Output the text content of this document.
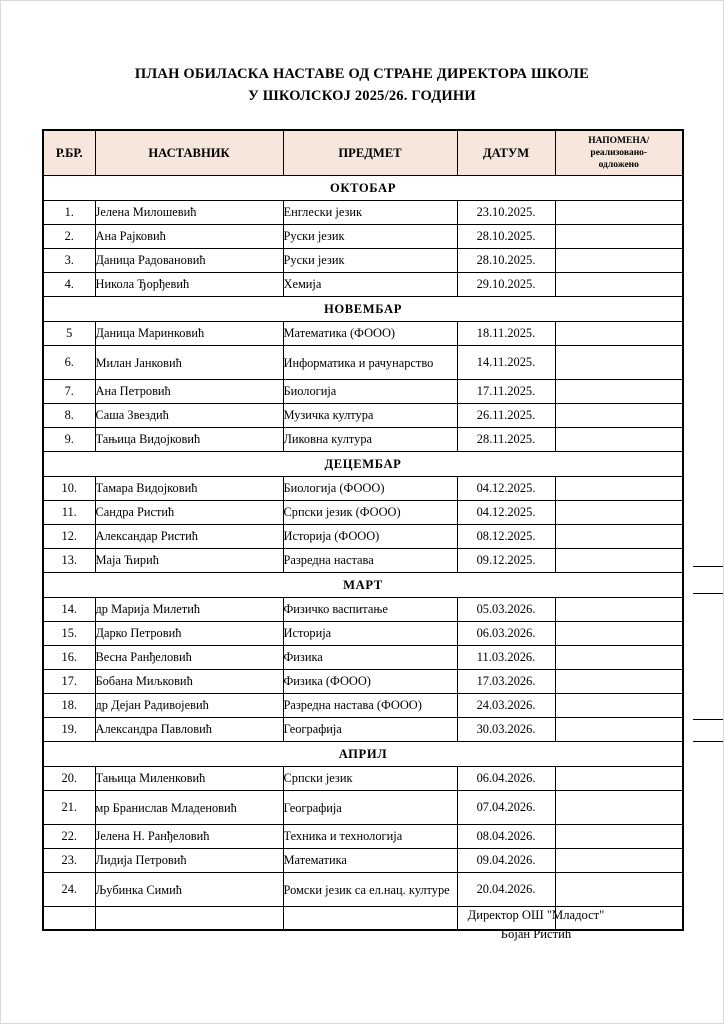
ПЛАН ОБИЛАСКА НАСТАВЕ ОД СТРАНЕ ДИРЕКТОРА ШКОЛЕ
У ШКОЛСКОЈ 2025/26. ГОДИНИ
Р.БР.	НАСТАВНИК	ПРЕДМЕТ	ДАТУМ	НАПОМЕНА/
реализовано-
одложено

ОКТОБАР				
1.	Јелена Милошевић	Енглески језик	23.10.2025.	
2.	Ана Рајковић	Руски језик	28.10.2025.	
3.	Даница Радовановић	Руски језик	28.10.2025.	
4.	Никола Ђорђевић	Хемија	29.10.2025.	
НОВЕМБАР				
5	Даница Маринковић	Математика (ФООО)	18.11.2025.	
6.	Милан Јанковић	Информатика и рачунарство	14.11.2025.	
7.	Ана Петровић	Биологија	17.11.2025.	
8.	Саша Звездић	Музичка култура	26.11.2025.	
9.	Тањица Видојковић	Ликовна култура	28.11.2025.	
ДЕЦЕМБАР				
10.	Тамара Видојковић	Биологија (ФООО)	04.12.2025.	
11.	Сандра Ристић	Српски језик (ФООО)	04.12.2025.	
12.	Александар Ристић	Историја (ФООО)	08.12.2025.	
13.	Маја Ћирић	Разредна настава	09.12.2025.	
МАРТ				
14.	др Марија Милетић	Физичко васпитање	05.03.2026.	
15.	Дарко Петровић	Историја	06.03.2026.	
16.	Весна Ранђеловић	Физика	11.03.2026.	
17.	Бобана Миљковић	Физика (ФООО)	17.03.2026.	
18.	др Дејан Радивојевић	Разредна настава (ФООО)	24.03.2026.	
19.	Александра Павловић	Географија	30.03.2026.	
АПРИЛ				
20.	Тањица Миленковић	Српски језик	06.04.2026.	
21.	мр Бранислав Младеновић	Географија	07.04.2026.	
22.	Јелена Н. Ранђеловић	Техника и технологија	08.04.2026.	
23.	Лидија Петровић	Математика	09.04.2026.	
24.	Љубинка Симић	Ромски језик са ел.нац. културе	20.04.2026.	

Директор ОШ "Младост"
Бојан Ристић
